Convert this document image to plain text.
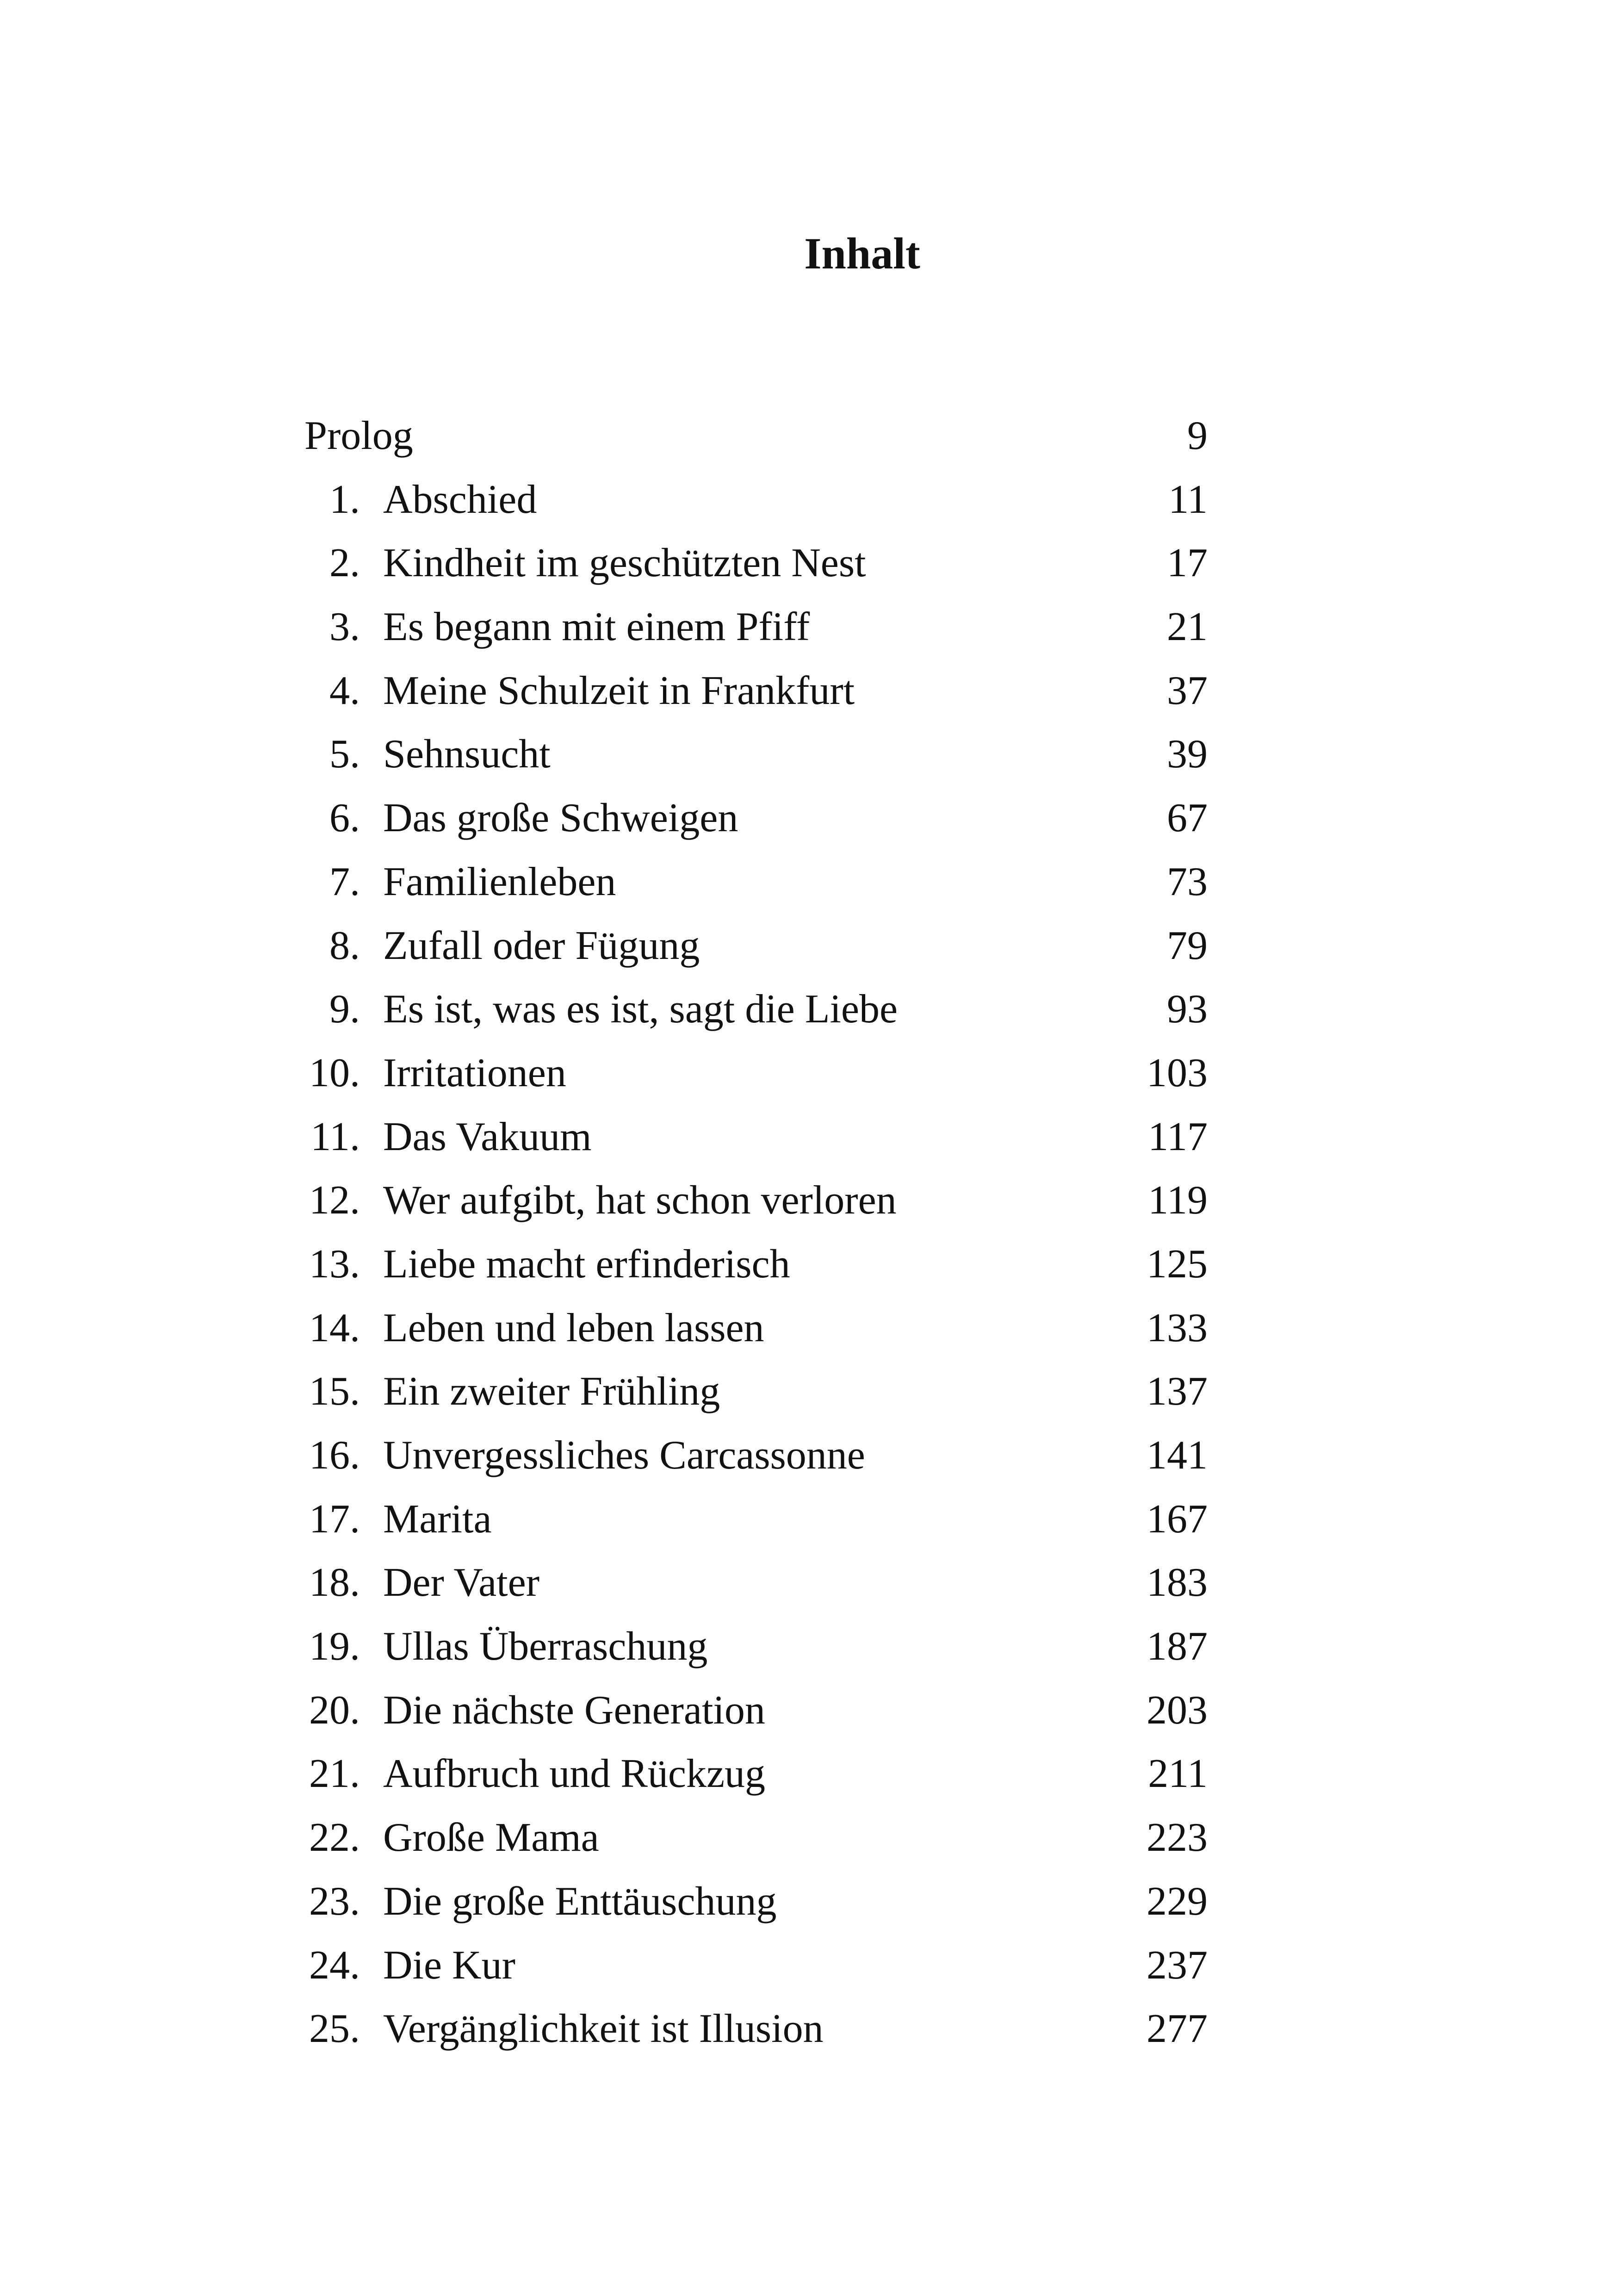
Inhalt
Prolog	9
1. Abschied	11
2. Kindheit im geschützten Nest	17
3. Es begann mit einem Pfiff	21
4. Meine Schulzeit in Frankfurt	37
5. Sehnsucht	39
6. Das große Schweigen	67
7. Familienleben	73
8. Zufall oder Fügung	79
9. Es ist, was es ist, sagt die Liebe	93
10. Irritationen	103
11. Das Vakuum	117
12. Wer aufgibt, hat schon verloren	119
13. Liebe macht erfinderisch	125
14. Leben und leben lassen	133
15. Ein zweiter Frühling	137
16. Unvergessliches Carcassonne	141
17. Marita	167
18. Der Vater	183
19. Ullas Überraschung	187
20. Die nächste Generation	203
21. Aufbruch und Rückzug	211
22. Große Mama	223
23. Die große Enttäuschung	229
24. Die Kur	237
25. Vergänglichkeit ist Illusion	277
